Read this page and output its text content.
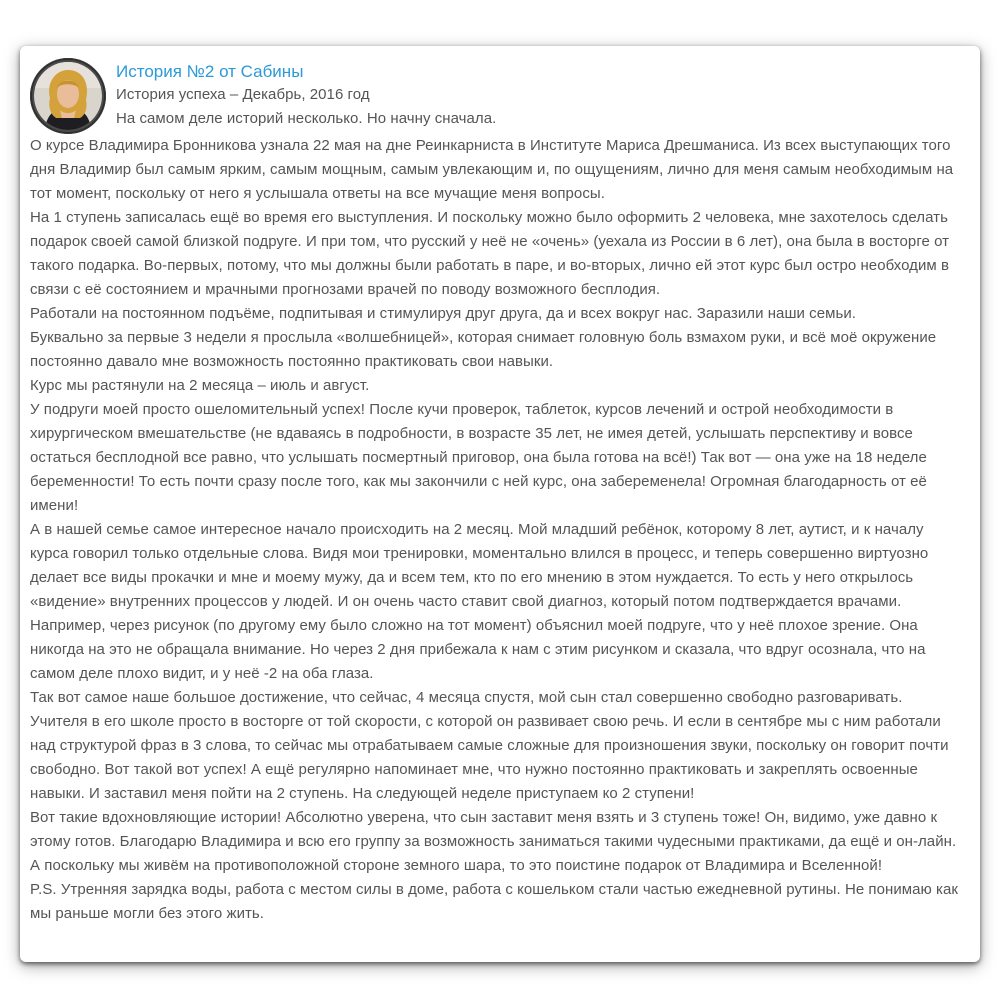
История №2 от Сабины

История успеха – Декабрь, 2016 год

На самом деле историй несколько. Но начну сначала.

О курсе Владимира Бронникова узнала 22 мая на дне Реинкарниста в Институте Мариса Дрешманиса. Из всех выступающих того дня Владимир был самым ярким, самым мощным, самым увлекающим и, по ощущениям, лично для меня самым необходимым на тот момент, поскольку от него я услышала ответы на все мучащие меня вопросы.

На 1 ступень записалась ещё во время его выступления. И поскольку можно было оформить 2 человека, мне захотелось сделать подарок своей самой близкой подруге. И при том, что русский у неё не «очень» (уехала из России в 6 лет), она была в восторге от такого подарка. Во-первых, потому, что мы должны были работать в паре, и во-вторых, лично ей этот курс был остро необходим в связи с её состоянием и мрачными прогнозами врачей по поводу возможного бесплодия.

Работали на постоянном подъёме, подпитывая и стимулируя друг друга, да и всех вокруг нас. Заразили наши семьи.

Буквально за первые 3 недели я прослыла «волшебницей», которая снимает головную боль взмахом руки, и всё моё окружение постоянно давало мне возможность постоянно практиковать свои навыки.

Курс мы растянули на 2 месяца – июль и август.

У подруги моей просто ошеломительный успех! После кучи проверок, таблеток, курсов лечений и острой необходимости в хирургическом вмешательстве (не вдаваясь в подробности, в возрасте 35 лет, не имея детей, услышать перспективу и вовсе остаться бесплодной все равно, что услышать посмертный приговор, она была готова на всё!) Так вот — она уже на 18 неделе беременности! То есть почти сразу после того, как мы закончили с ней курс, она забеременела! Огромная благодарность от её имени!

А в нашей семье самое интересное начало происходить на 2 месяц. Мой младший ребёнок, которому 8 лет, аутист, и к началу курса говорил только отдельные слова. Видя мои тренировки, моментально влился в процесс, и теперь совершенно виртуозно делает все виды прокачки и мне и моему мужу, да и всем тем, кто по его мнению в этом нуждается. То есть у него открылось «видение» внутренних процессов у людей. И он очень часто ставит свой диагноз, который потом подтверждается врачами. Например, через рисунок (по другому ему было сложно на тот момент) объяснил моей подруге, что у неё плохое зрение. Она никогда на это не обращала внимание. Но через 2 дня прибежала к нам с этим рисунком и сказала, что вдруг осознала, что на самом деле плохо видит, и у неё -2 на оба глаза.

Так вот самое наше большое достижение, что сейчас, 4 месяца спустя, мой сын стал совершенно свободно разговаривать. Учителя в его школе просто в восторге от той скорости, с которой он развивает свою речь. И если в сентябре мы с ним работали над структурой фраз в 3 слова, то сейчас мы отрабатываем самые сложные для произношения звуки, поскольку он говорит почти свободно. Вот такой вот успех! А ещё регулярно напоминает мне, что нужно постоянно практиковать и закреплять освоенные навыки. И заставил меня пойти на 2 ступень. На следующей неделе приступаем ко 2 ступени!

Вот такие вдохновляющие истории! Абсолютно уверена, что сын заставит меня взять и 3 ступень тоже! Он, видимо, уже давно к этому готов. Благодарю Владимира и всю его группу за возможность заниматься такими чудесными практиками, да ещё и он-лайн. А поскольку мы живём на противоположной стороне земного шара, то это поистине подарок от Владимира и Вселенной!

P.S. Утренняя зарядка воды, работа с местом силы в доме, работа с кошельком стали частью ежедневной рутины. Не понимаю как мы раньше могли без этого жить.
